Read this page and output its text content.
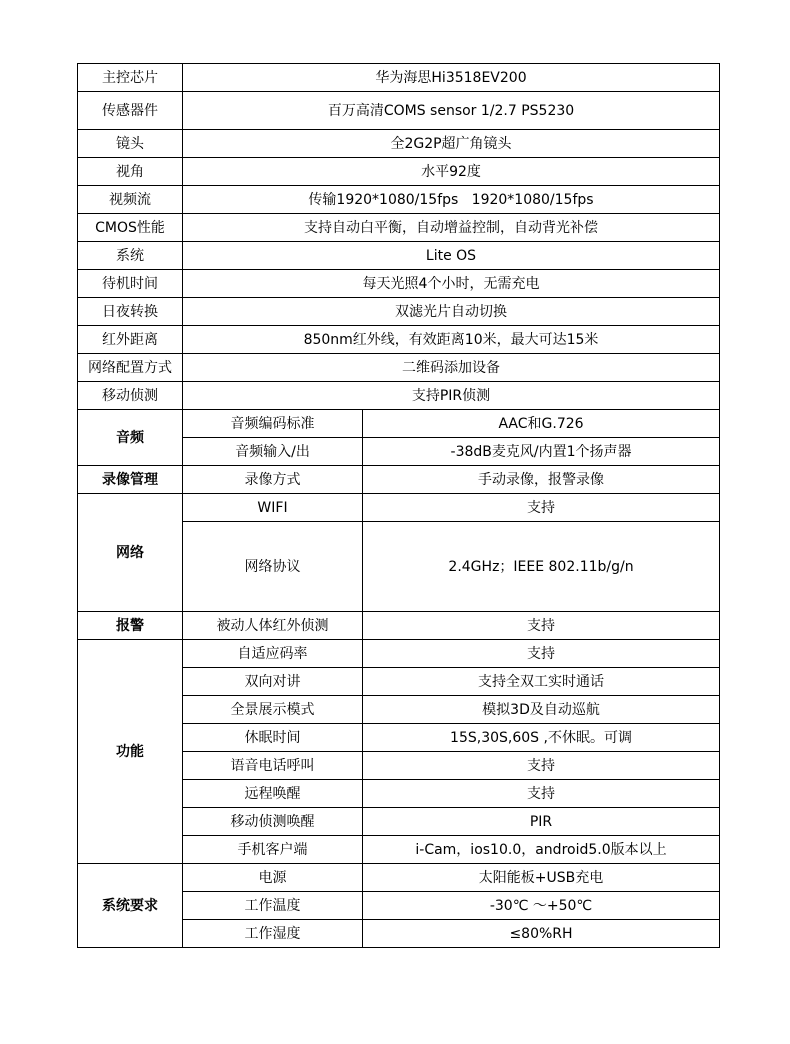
主控芯片	华为海思Hi3518EV200	
传感器件	百万高清COMS sensor 1/2.7 PS5230	
镜头	全2G2P超广角镜头	
视角	水平92度	
视频流	传输1920*1080/15fps   1920*1080/15fps	
CMOS性能	支持自动白平衡，自动增益控制，自动背光补偿	
系统	Lite OS	
待机时间	每天光照4个小时，无需充电	
日夜转换	双滤光片自动切换	
红外距离	850nm红外线，有效距离10米，最大可达15米	
网络配置方式	二维码添加设备	
移动侦测	支持PIR侦测	
音频	音频编码标准	AAC和G.726
	音频输入/出	-38dB麦克风/内置1个扬声器
录像管理	录像方式	手动录像，报警录像
网络	WIFI	支持
	网络协议	2.4GHz；IEEE 802.11b/g/n
报警	被动人体红外侦测	支持
功能	自适应码率	支持
	双向对讲	支持全双工实时通话
	全景展示模式	模拟3D及自动巡航
	休眠时间	15S,30S,60S ,不休眠。可调
	语音电话呼叫	支持
	远程唤醒	支持
	移动侦测唤醒	PIR
	手机客户端	i-Cam，ios10.0，android5.0版本以上
系统要求	电源	太阳能板+USB充电
	工作温度	-30℃ ～+50℃
	工作湿度	≤80%RH
